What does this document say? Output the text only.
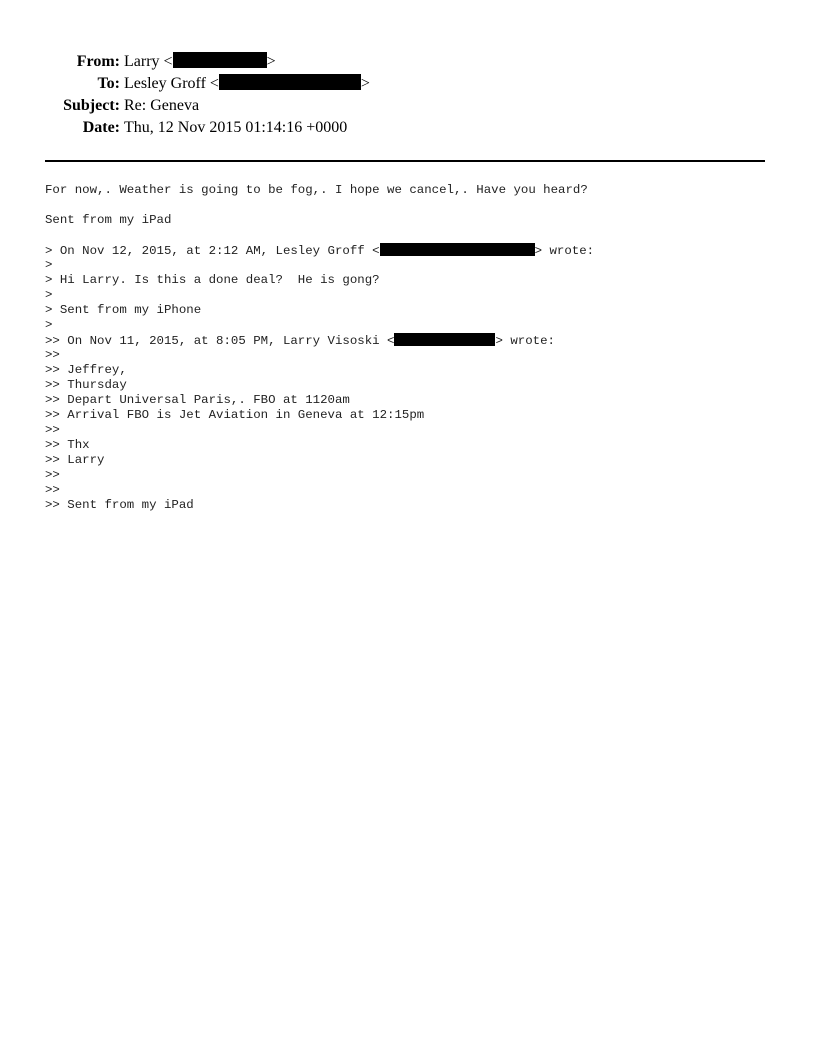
From: Larry <	>
To: Lesley Groff <	>
Subject: Re: Geneva
Date: Thu, 12 Nov 2015 01:14:16 +0000
For now,. Weather is going to be fog,. I hope we cancel,. Have you heard?
Sent from my iPad
> On Nov 12, 2015, at 2:12 AM, Lesley Groff <	> wrote:
>
> Hi Larry. Is this a done deal?  He is gong?
>
> Sent from my iPhone
>
>> On Nov 11, 2015, at 8:05 PM, Larry Visoski <	> wrote:
>>
>> Jeffrey,
>> Thursday
>> Depart Universal Paris,. FBO at 1120am
>> Arrival FBO is Jet Aviation in Geneva at 12:15pm
>>
>> Thx
>> Larry
>>
>>
>> Sent from my iPad
